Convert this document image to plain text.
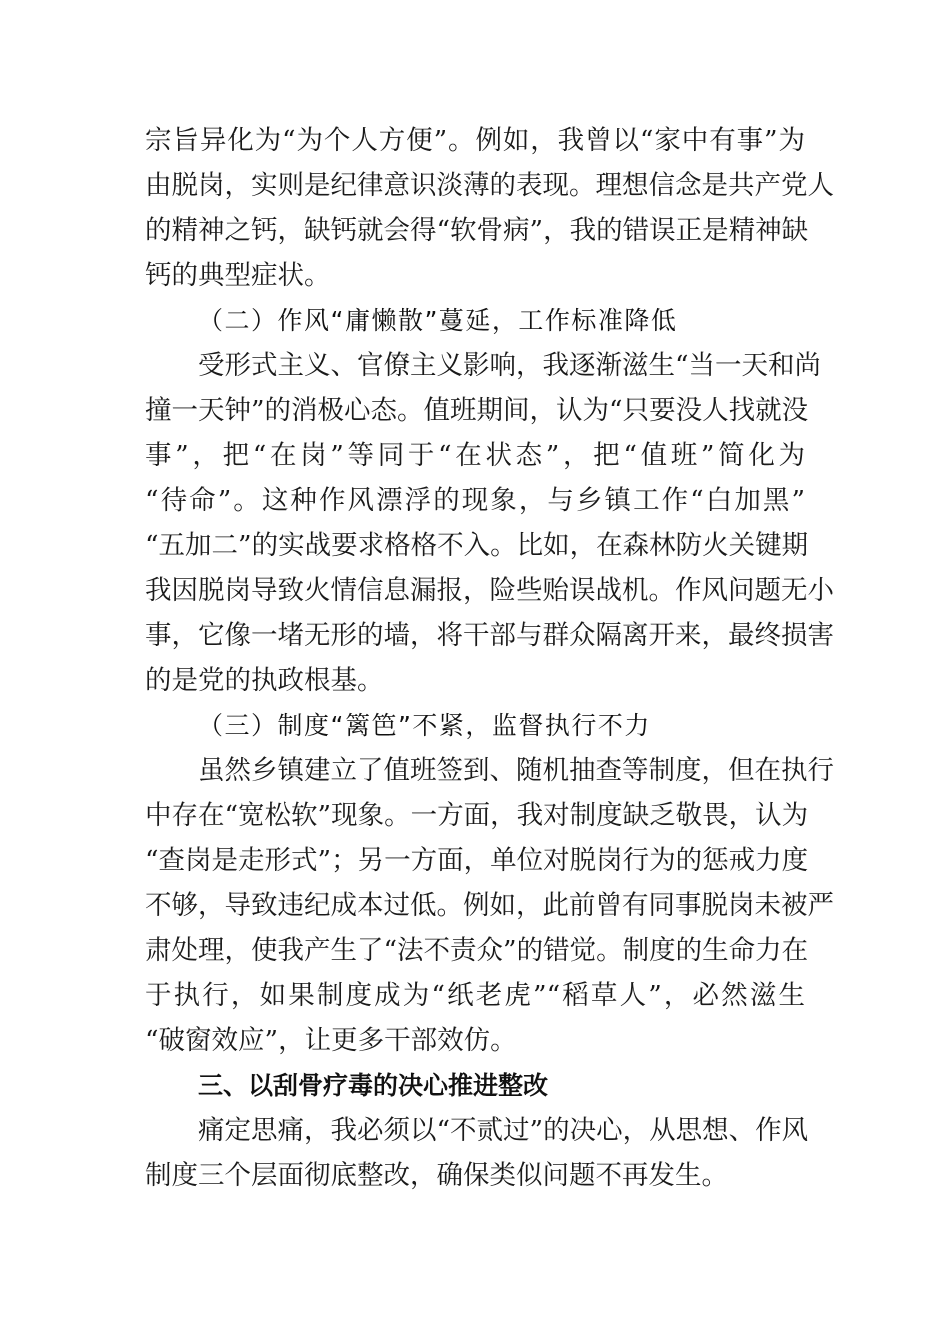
宗旨异化为“为个人方便”。例如，我曾以“家中有事”为
由脱岗，实则是纪律意识淡薄的表现。理想信念是共产党人
的精神之钙，缺钙就会得“软骨病”，我的错误正是精神缺
钙的典型症状。
（二）作风“庸懒散”蔓延，工作标准降低
受形式主义、官僚主义影响，我逐渐滋生“当一天和尚
撞一天钟”的消极心态。值班期间，认为“只要没人找就没
事”，把“在岗”等同于“在状态”，把“值班”简化为
“待命”。这种作风漂浮的现象，与乡镇工作“白加黑”
“五加二”的实战要求格格不入。比如，在森林防火关键期
我因脱岗导致火情信息漏报，险些贻误战机。作风问题无小
事，它像一堵无形的墙，将干部与群众隔离开来，最终损害
的是党的执政根基。
（三）制度“篱笆”不紧，监督执行不力
虽然乡镇建立了值班签到、随机抽查等制度，但在执行
中存在“宽松软”现象。一方面，我对制度缺乏敬畏，认为
“查岗是走形式”；另一方面，单位对脱岗行为的惩戒力度
不够，导致违纪成本过低。例如，此前曾有同事脱岗未被严
肃处理，使我产生了“法不责众”的错觉。制度的生命力在
于执行，如果制度成为“纸老虎”“稻草人”，必然滋生
“破窗效应”，让更多干部效仿。
三、以刮骨疗毒的决心推进整改
痛定思痛，我必须以“不贰过”的决心，从思想、作风
制度三个层面彻底整改，确保类似问题不再发生。
